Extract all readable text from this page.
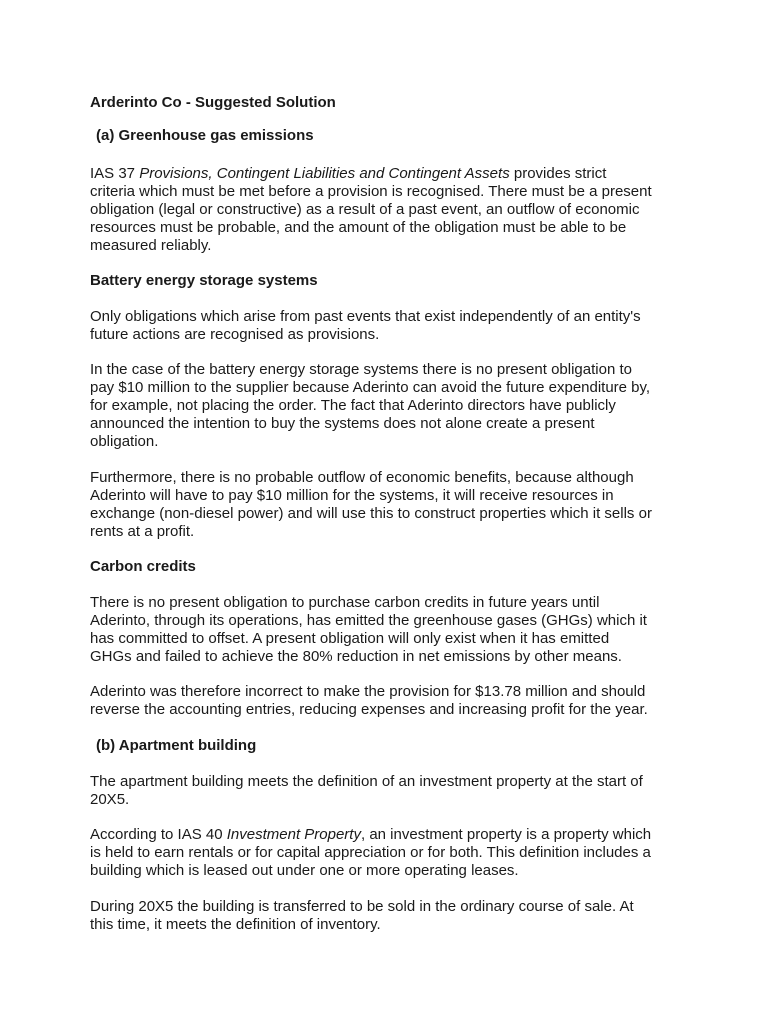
Arderinto Co - Suggested Solution

(a) Greenhouse gas emissions

IAS 37 Provisions, Contingent Liabilities and Contingent Assets provides strict
criteria which must be met before a provision is recognised. There must be a present
obligation (legal or constructive) as a result of a past event, an outflow of economic
resources must be probable, and the amount of the obligation must be able to be
measured reliably.

Battery energy storage systems

Only obligations which arise from past events that exist independently of an entity's
future actions are recognised as provisions.

In the case of the battery energy storage systems there is no present obligation to
pay $10 million to the supplier because Aderinto can avoid the future expenditure by,
for example, not placing the order. The fact that Aderinto directors have publicly
announced the intention to buy the systems does not alone create a present
obligation.

Furthermore, there is no probable outflow of economic benefits, because although
Aderinto will have to pay $10 million for the systems, it will receive resources in
exchange (non-diesel power) and will use this to construct properties which it sells or
rents at a profit.

Carbon credits

There is no present obligation to purchase carbon credits in future years until
Aderinto, through its operations, has emitted the greenhouse gases (GHGs) which it
has committed to offset. A present obligation will only exist when it has emitted
GHGs and failed to achieve the 80% reduction in net emissions by other means.

Aderinto was therefore incorrect to make the provision for $13.78 million and should
reverse the accounting entries, reducing expenses and increasing profit for the year.

(b) Apartment building

The apartment building meets the definition of an investment property at the start of
20X5.

According to IAS 40 Investment Property, an investment property is a property which
is held to earn rentals or for capital appreciation or for both. This definition includes a
building which is leased out under one or more operating leases.

During 20X5 the building is transferred to be sold in the ordinary course of sale. At
this time, it meets the definition of inventory.
